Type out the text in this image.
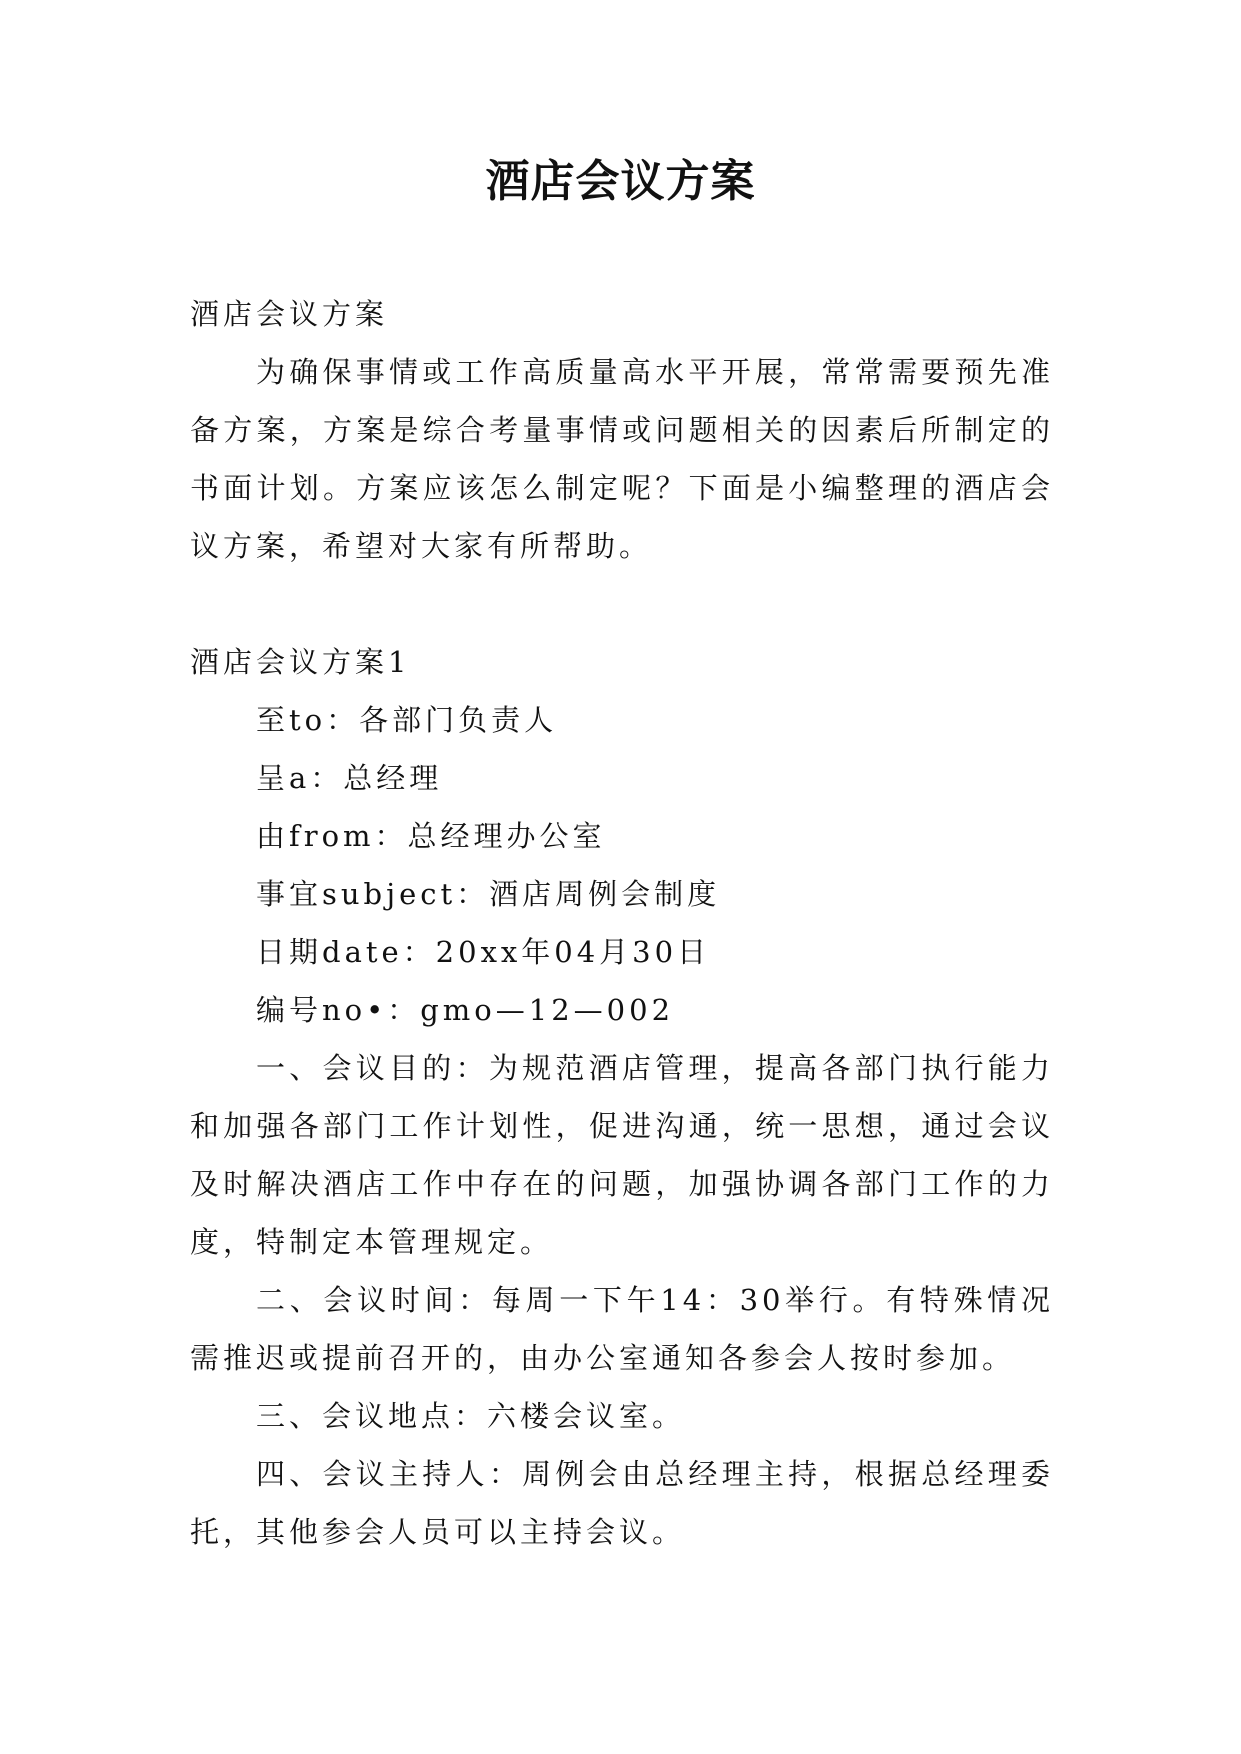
酒店会议方案

酒店会议方案

为确保事情或工作高质量高水平开展，常常需要预先准备方案，方案是综合考量事情或问题相关的因素后所制定的书面计划。方案应该怎么制定呢？下面是小编整理的酒店会议方案，希望对大家有所帮助。

酒店会议方案1

至to：各部门负责人

呈a：总经理

由from：总经理办公室

事宜subject：酒店周例会制度

日期date：20xx年04月30日

编号no•：gmo—12—002

一、会议目的：为规范酒店管理，提高各部门执行能力和加强各部门工作计划性，促进沟通，统一思想，通过会议及时解决酒店工作中存在的问题，加强协调各部门工作的力度，特制定本管理规定。

二、会议时间：每周一下午14：30举行。有特殊情况需推迟或提前召开的，由办公室通知各参会人按时参加。

三、会议地点：六楼会议室。

四、会议主持人：周例会由总经理主持，根据总经理委托，其他参会人员可以主持会议。
